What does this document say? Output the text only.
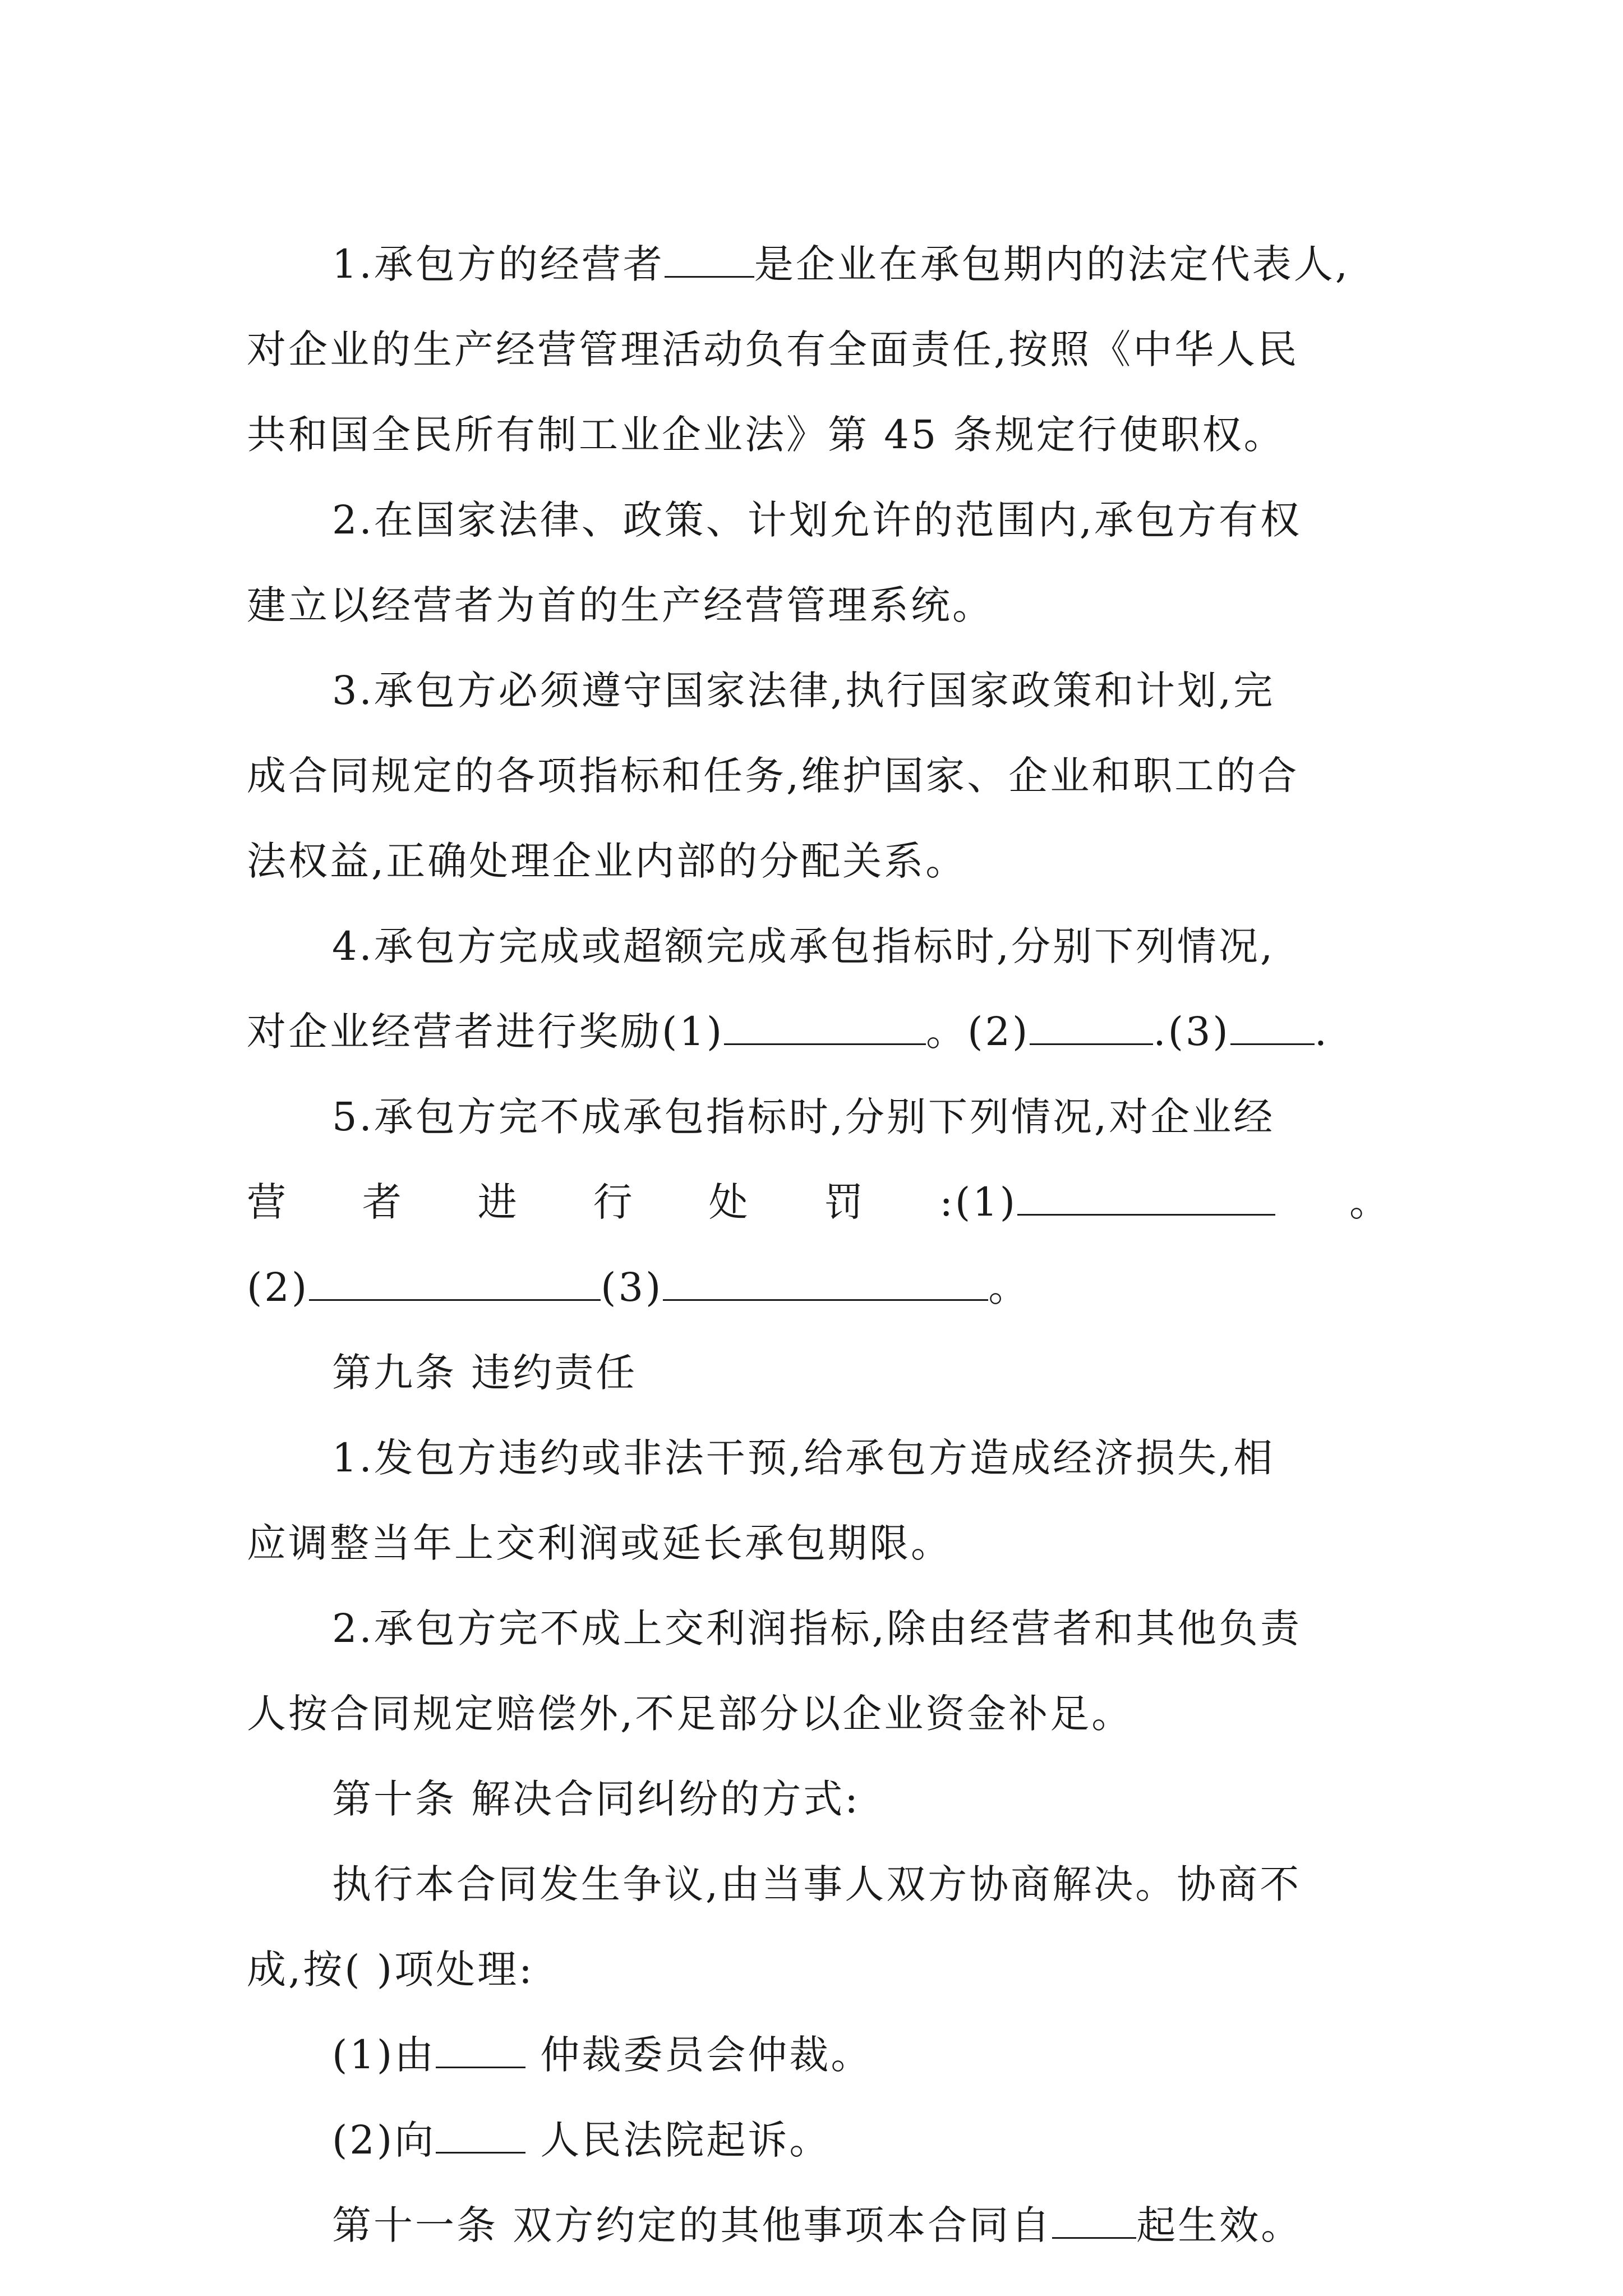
1.承包方的经营者 是企业在承包期内的法定代表人,
对企业的生产经营管理活动负有全面责任,按照《中华人民
共和国全民所有制工业企业法》第 45 条规定行使职权。
2.在国家法律、政策、计划允许的范围内,承包方有权
建立以经营者为首的生产经营管理系统。
3.承包方必须遵守国家法律,执行国家政策和计划,完
成合同规定的各项指标和任务,维护国家、企业和职工的合
法权益,正确处理企业内部的分配关系。
4.承包方完成或超额完成承包指标时,分别下列情况,
对企业经营者进行奖励(1)	。(2)	.(3) .
5.承包方完不成承包指标时,分别下列情况,对企业经
营 者 进 行 处 罚 :(1)	。
(2)	(3)	。
第九条 违约责任
1.发包方违约或非法干预,给承包方造成经济损失,相
应调整当年上交利润或延长承包期限。
2.承包方完不成上交利润指标,除由经营者和其他负责
人按合同规定赔偿外,不足部分以企业资金补足。
第十条 解决合同纠纷的方式:
执行本合同发生争议,由当事人双方协商解决。协商不
成,按( )项处理:
(1)由 仲裁委员会仲裁。
(2)向 人民法院起诉。
第十一条 双方约定的其他事项本合同自 起生效。
